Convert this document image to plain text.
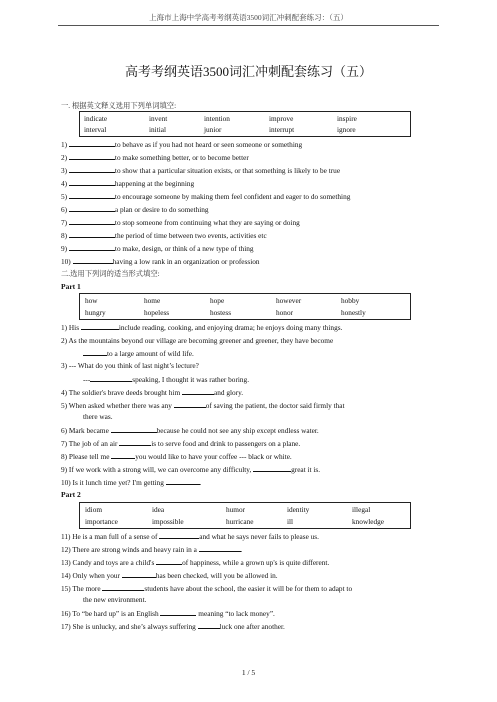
上海市上海中学高考考纲英语3500词汇冲刺配套练习：（五）
高考考纲英语3500词汇冲刺配套练习（五）
一. 根据英文释义选用下列单词填空:
indicate	invent	intention	improve	inspire
interval	initial	junior	interrupt	ignore
1)	to behave as if you had not heard or seen someone or something
2)	to make something better, or to become better
3)	to show that a particular situation exists, or that something is likely to be true
4)	happening at the beginning
5)	to encourage someone by making them feel confident and eager to do something
6)	a plan or desire to do something
7)	to stop someone from continuing what they are saying or doing
8)	the period of time between two events, activities etc
9)	to make, design, or think of a new type of thing
10)	having a low rank in an organization or profession
二.选用下列词的适当形式填空:
Part 1
how	home	hope	however	hobby
hungry	hopeless	hostess	honor	honestly
1) His	include reading, cooking, and enjoying drama; he enjoys doing many things.
2) As the mountains beyond our village are becoming greener and greener, they have become
to a large amount of wild life.
3) --- What do you think of last night’s lecture?
---	speaking, I thought it was rather boring.
4) The soldier's brave deeds brought him	and glory.
5) When asked whether there was any	of saving the patient, the doctor said firmly that
there was.
6) Mark became	because he could not see any ship except endless water.
7) The job of an air	is to serve food and drink to passengers on a plane.
8) Please tell me	you would like to have your coffee --- black or white.
9) If we work with a strong will, we can overcome any difficulty,	great it is.
10) Is it lunch time yet? I'm getting	.
Part 2
idiom	idea	humor	identity	illegal
importance	impossible	hurricane	ill	knowledge
11) He is a man full of a sense of	and what he says never fails to please us.
12) There are strong winds and heavy rain in a	.
13) Candy and toys are a child's	of happiness, while a grown up's is quite different.
14) Only when your	has been checked, will you be allowed in.
15) The more	students have about the school, the easier it will be for them to adapt to
the new environment.
16) To “be hard up” is an English	meaning “to lack money”.
17) She is unlucky, and she’s always suffering	luck one after another.
1 / 5
